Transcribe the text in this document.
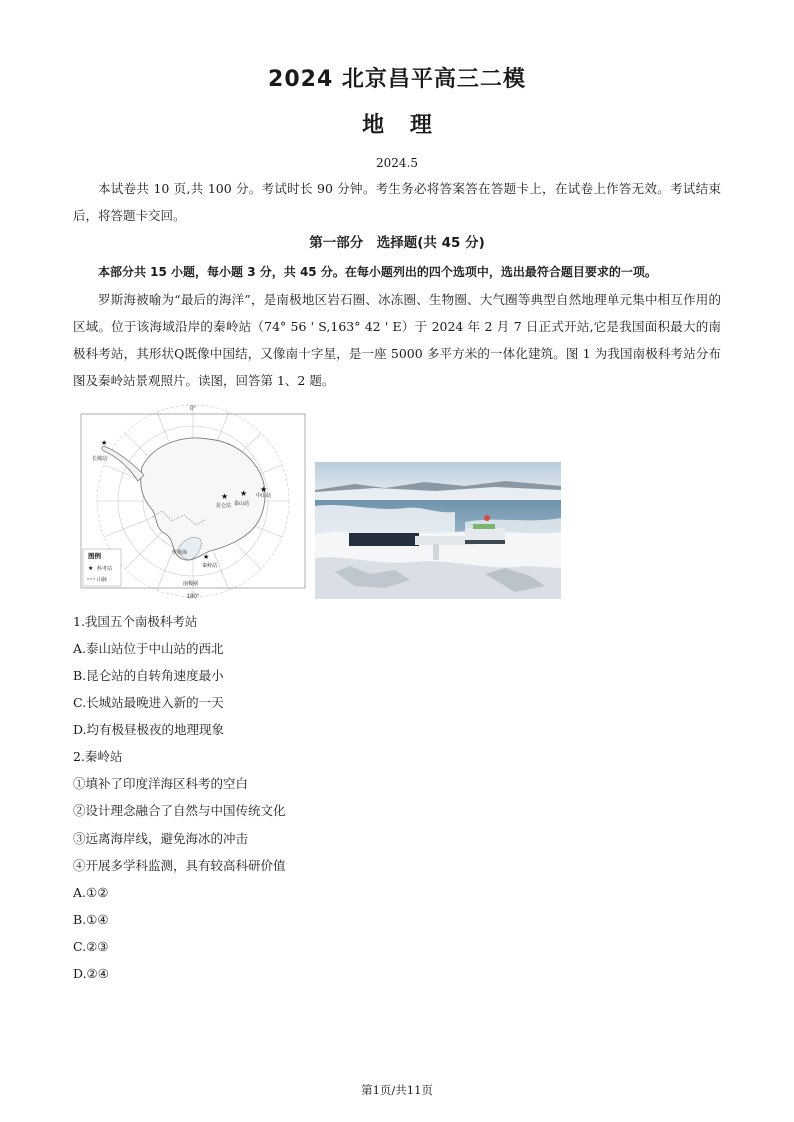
2024 北京昌平高三二模
地 理
2024.5
本试卷共 10 页,共 100 分。考试时长 90 分钟。考生务必将答案答在答题卡上，在试卷上作答无效。考试结束后，将答题卡交回。
第一部分　选择题(共 45 分)
本部分共 15 小题，每小题 3 分，共 45 分。在每小题列出的四个选项中，选出最符合题目要求的一项。
罗斯海被喻为“最后的海洋”，是南极地区岩石圈、冰冻圈、生物圈、大气圈等典型自然地理单元集中相互作用的区域。位于该海域沿岸的秦岭站（74° 56 ' S,163° 42 ' E）于 2024 年 2 月 7 日正式开站,它是我国面积最大的南极科考站，其形状Q既像中国结，又像南十字星，是一座 5000 多平方米的一体化建筑。图 1 为我国南极科考站分布图及秦岭站景观照片。读图，回答第 1、2 题。
0°
180°
★
长城站
★
泰山站
★
中山站
★
昆仑站
★
秦岭站
罗斯海
南极圈
图例
★ 科考站
山脉
1.我国五个南极科考站
A.泰山站位于中山站的西北
B.昆仑站的自转角速度最小
C.长城站最晚进入新的一天
D.均有极昼极夜的地理现象
2.秦岭站
①填补了印度洋海区科考的空白
②设计理念融合了自然与中国传统文化
③远离海岸线，避免海冰的冲击
④开展多学科监测，具有较高科研价值
A.①②
B.①④
C.②③
D.②④
第1页/共11页
